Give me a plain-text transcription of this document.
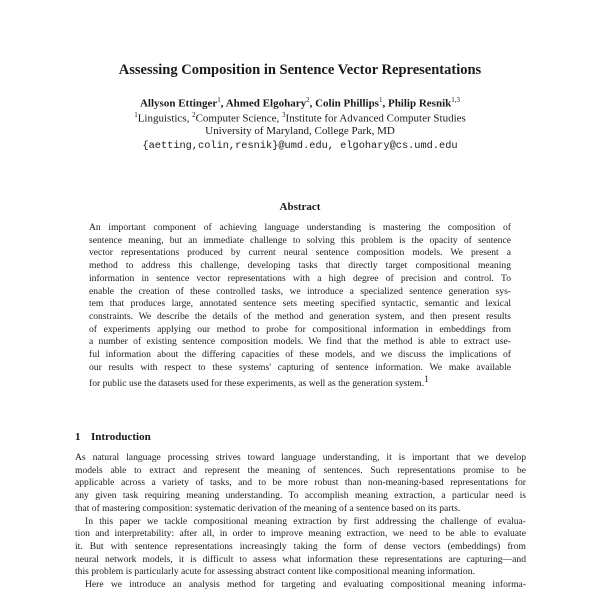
Assessing Composition in Sentence Vector Representations
Allyson Ettinger$^1$, Ahmed Elgohary$^2$, Colin Phillips$^1$, Philip Resnik$^{1,3}$
$^1$Linguistics, $^2$Computer Science, $^3$Institute for Advanced Computer Studies
University of Maryland, College Park, MD
{aetting,colin,resnik}@umd.edu, elgohary@cs.umd.edu
Abstract
An important component of achieving language understanding is mastering the composition of
sentence meaning, but an immediate challenge to solving this problem is the opacity of sentence
vector representations produced by current neural sentence composition models. We present a
method to address this challenge, developing tasks that directly target compositional meaning
information in sentence vector representations with a high degree of precision and control. To
enable the creation of these controlled tasks, we introduce a specialized sentence generation sys-
tem that produces large, annotated sentence sets meeting specified syntactic, semantic and lexical
constraints. We describe the details of the method and generation system, and then present results
of experiments applying our method to probe for compositional information in embeddings from
a number of existing sentence composition models. We find that the method is able to extract use-
ful information about the differing capacities of these models, and we discuss the implications of
our results with respect to these systems' capturing of sentence information. We make available
for public use the datasets used for these experiments, as well as the generation system.1
1 Introduction
As natural language processing strives toward language understanding, it is important that we develop
models able to extract and represent the meaning of sentences. Such representations promise to be
applicable across a variety of tasks, and to be more robust than non-meaning-based representations for
any given task requiring meaning understanding. To accomplish meaning extraction, a particular need is
that of mastering composition: systematic derivation of the meaning of a sentence based on its parts.
In this paper we tackle compositional meaning extraction by first addressing the challenge of evalua-
tion and interpretability: after all, in order to improve meaning extraction, we need to be able to evaluate
it. But with sentence representations increasingly taking the form of dense vectors (embeddings) from
neural network models, it is difficult to assess what information these representations are capturing—and
this problem is particularly acute for assessing abstract content like compositional meaning information.
Here we introduce an analysis method for targeting and evaluating compositional meaning informa-
